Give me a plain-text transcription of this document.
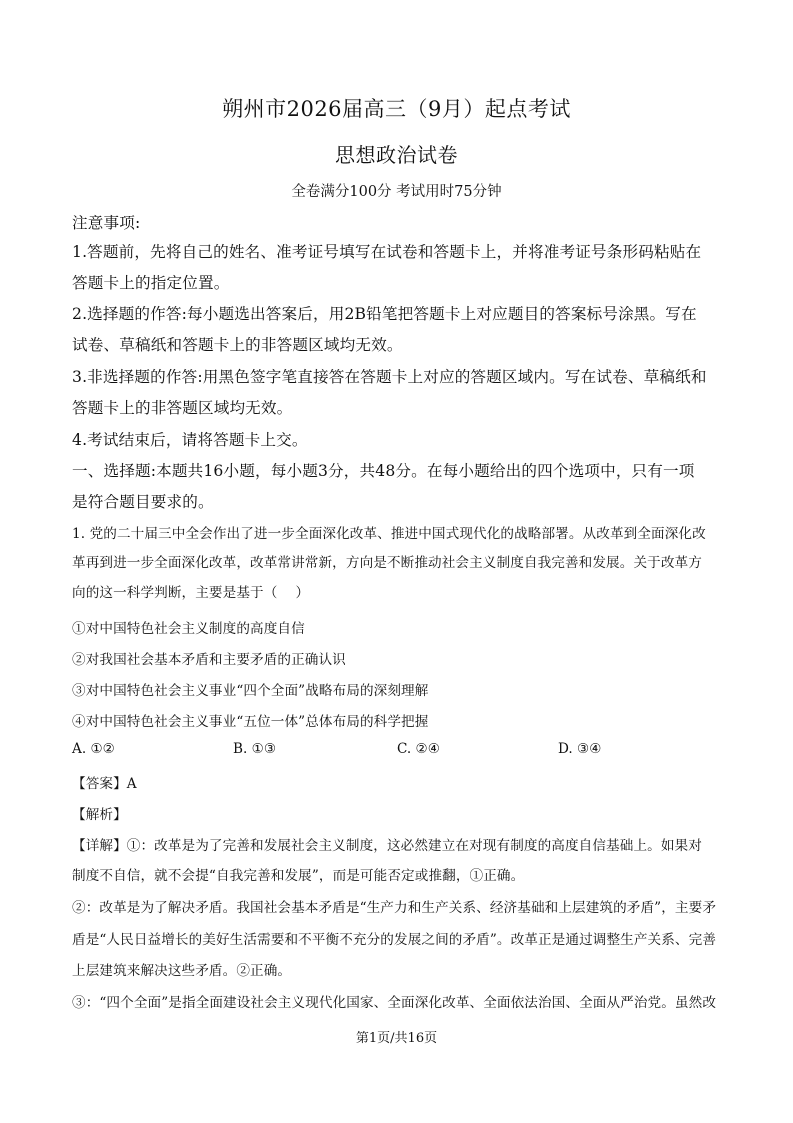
朔州市2026届高三（9月）起点考试
思想政治试卷
全卷满分100分 考试用时75分钟
注意事项:
1.答题前，先将自己的姓名、准考证号填写在试卷和答题卡上，并将准考证号条形码粘贴在
答题卡上的指定位置。
2.选择题的作答:每小题选出答案后，用2B铅笔把答题卡上对应题目的答案标号涂黑。写在
试卷、草稿纸和答题卡上的非答题区域均无效。
3.非选择题的作答:用黑色签字笔直接答在答题卡上对应的答题区域内。写在试卷、草稿纸和
答题卡上的非答题区域均无效。
4.考试结束后，请将答题卡上交。
一、选择题:本题共16小题，每小题3分，共48分。在每小题给出的四个选项中，只有一项
是符合题目要求的。
1. 党的二十届三中全会作出了进一步全面深化改革、推进中国式现代化的战略部署。从改革到全面深化改
革再到进一步全面深化改革，改革常讲常新，方向是不断推动社会主义制度自我完善和发展。关于改革方
向的这一科学判断，主要是基于（　 ）
①对中国特色社会主义制度的高度自信
②对我国社会基本矛盾和主要矛盾的正确认识
③对中国特色社会主义事业“四个全面”战略布局的深刻理解
④对中国特色社会主义事业“五位一体”总体布局的科学把握
A. ①②	B. ①③	C. ②④	D. ③④
【答案】A
【解析】
【详解】①：改革是为了完善和发展社会主义制度，这必然建立在对现有制度的高度自信基础上。如果对
制度不自信，就不会提“自我完善和发展”，而是可能否定或推翻，①正确。
②：改革是为了解决矛盾。我国社会基本矛盾是“生产力和生产关系、经济基础和上层建筑的矛盾”，主要矛
盾是“人民日益增长的美好生活需要和不平衡不充分的发展之间的矛盾”。改革正是通过调整生产关系、完善
上层建筑来解决这些矛盾。②正确。
③：“四个全面”是指全面建设社会主义现代化国家、全面深化改革、全面依法治国、全面从严治党。虽然改
第1页/共16页
